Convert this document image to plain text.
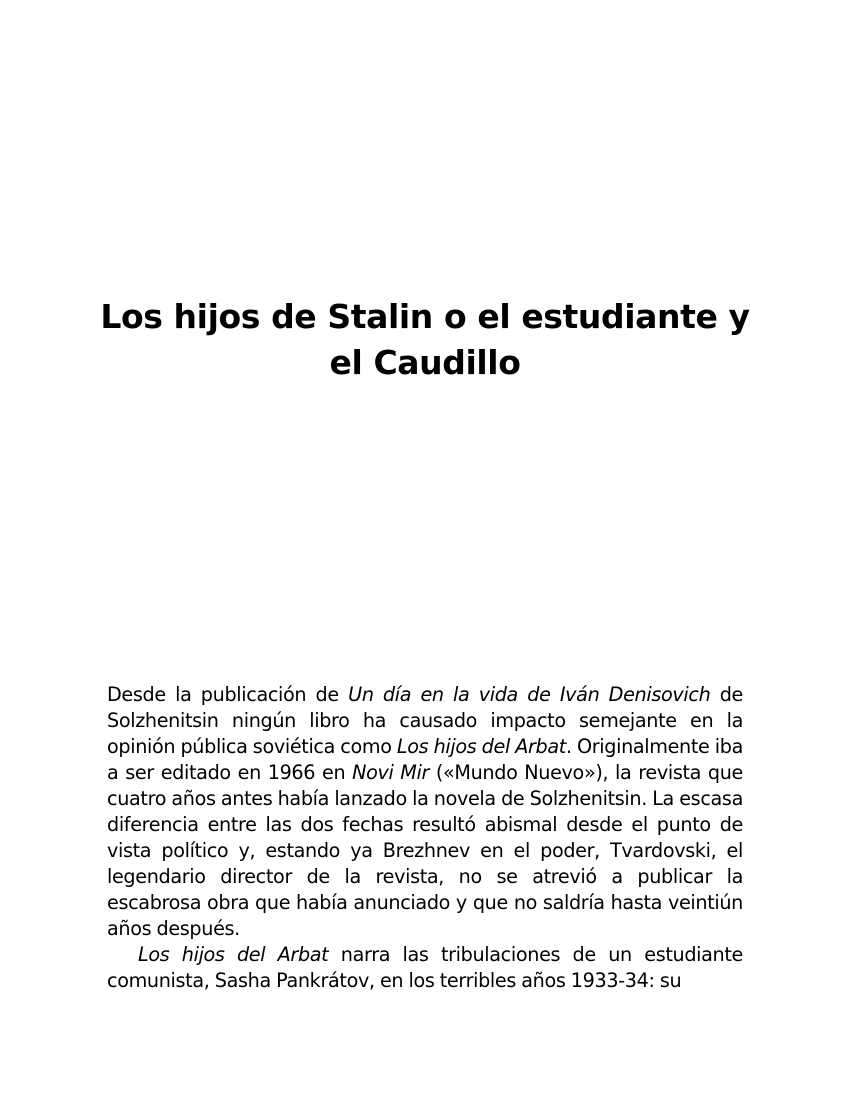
Los hijos de Stalin o el estudiante y
el Caudillo

Desde la publicación de Un día en la vida de Iván Denisovich de Solzhenitsin ningún libro ha causado impacto semejante en la opinión pública soviética como Los hijos del Arbat. Originalmente iba a ser editado en 1966 en Novi Mir («Mundo Nuevo»), la revista que cuatro años antes había lanzado la novela de Solzhenitsin. La escasa diferencia entre las dos fechas resultó abismal desde el punto de vista político y, estando ya Brezhnev en el poder, Tvardovski, el legendario director de la revista, no se atrevió a publicar la escabrosa obra que había anunciado y que no saldría hasta veintiún años después.

Los hijos del Arbat narra las tribulaciones de un estudiante comunista, Sasha Pankrátov, en los terribles años 1933-34: su
